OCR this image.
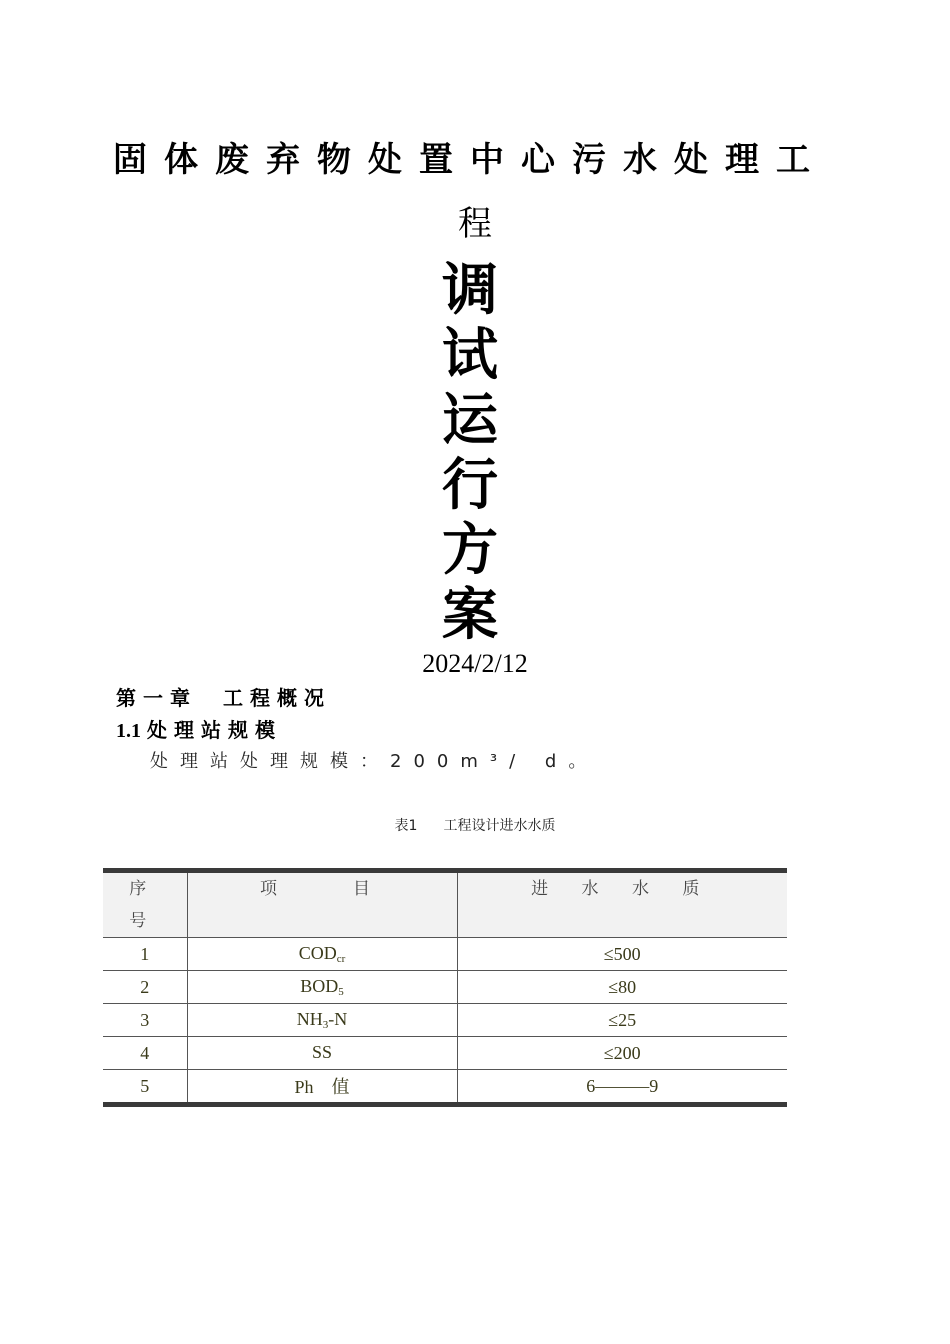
固体废弃物处置中心污水处理工
程
调
试
运
行
方
案
2024/2/12
第一章 工程概况
1.1 处理站规模
处理站处理规模：200m³/ d。
表1 工程设计进水水质
序
号	项　　目	进 水 水 质

1	$COD_{cr}$	≤500
2	$BOD_5$	≤80
3	$NH_3-N$	≤25
4	SS	≤200
5	Ph　值	6———9
